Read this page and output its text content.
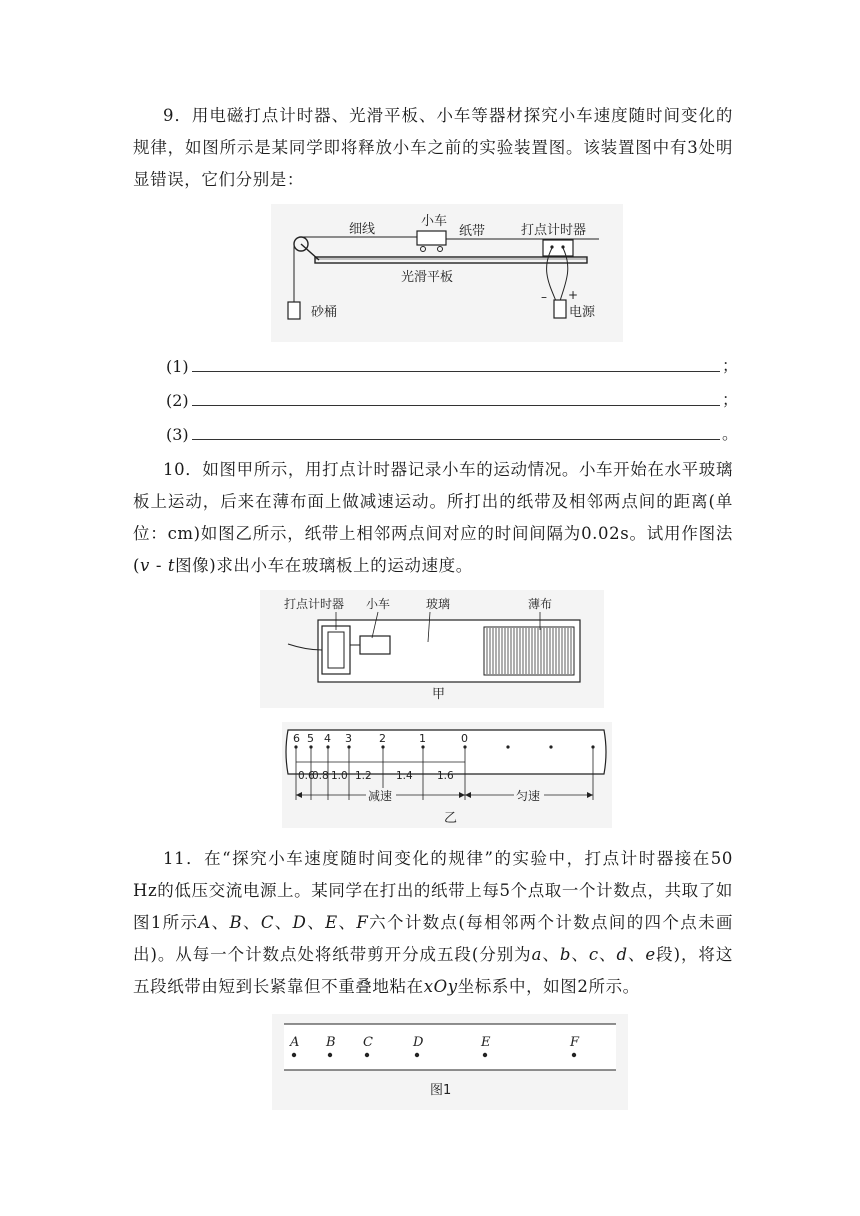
9．用电磁打点计时器、光滑平板、小车等器材探究小车速度随时间变化的规律，如图所示是某同学即将释放小车之前的实验装置图。该装置图中有3处明显错误，它们分别是：

砂桶
– +
电源
细线
小车
纸带	打点计时器
光滑平板
(1)	；
(2)	；
(3)	。

10．如图甲所示，用打点计时器记录小车的运动情况。小车开始在水平玻璃板上运动，后来在薄布面上做减速运动。所打出的纸带及相邻两点间的距离(单位：cm)如图乙所示，纸带上相邻两点间对应的时间间隔为0.02s。试用作图法(v - t图像)求出小车在玻璃板上的运动速度。

打点计时器 小车	玻璃	薄布
甲
6 5 4 3 2	1	0
0.6
0.8 1.0 1.2 1.4 1.6
减速	匀速
乙

11．在“探究小车速度随时间变化的规律”的实验中，打点计时器接在50 Hz的低压交流电源上。某同学在打出的纸带上每5个点取一个计数点，共取了如图1所示A、B、C、D、E、F六个计数点(每相邻两个计数点间的四个点未画出)。从每一个计数点处将纸带剪开分成五段(分别为a、b、c、d、e段)，将这五段纸带由短到长紧靠但不重叠地粘在xOy坐标系中，如图2所示。

A B C	D	E	F
图1
